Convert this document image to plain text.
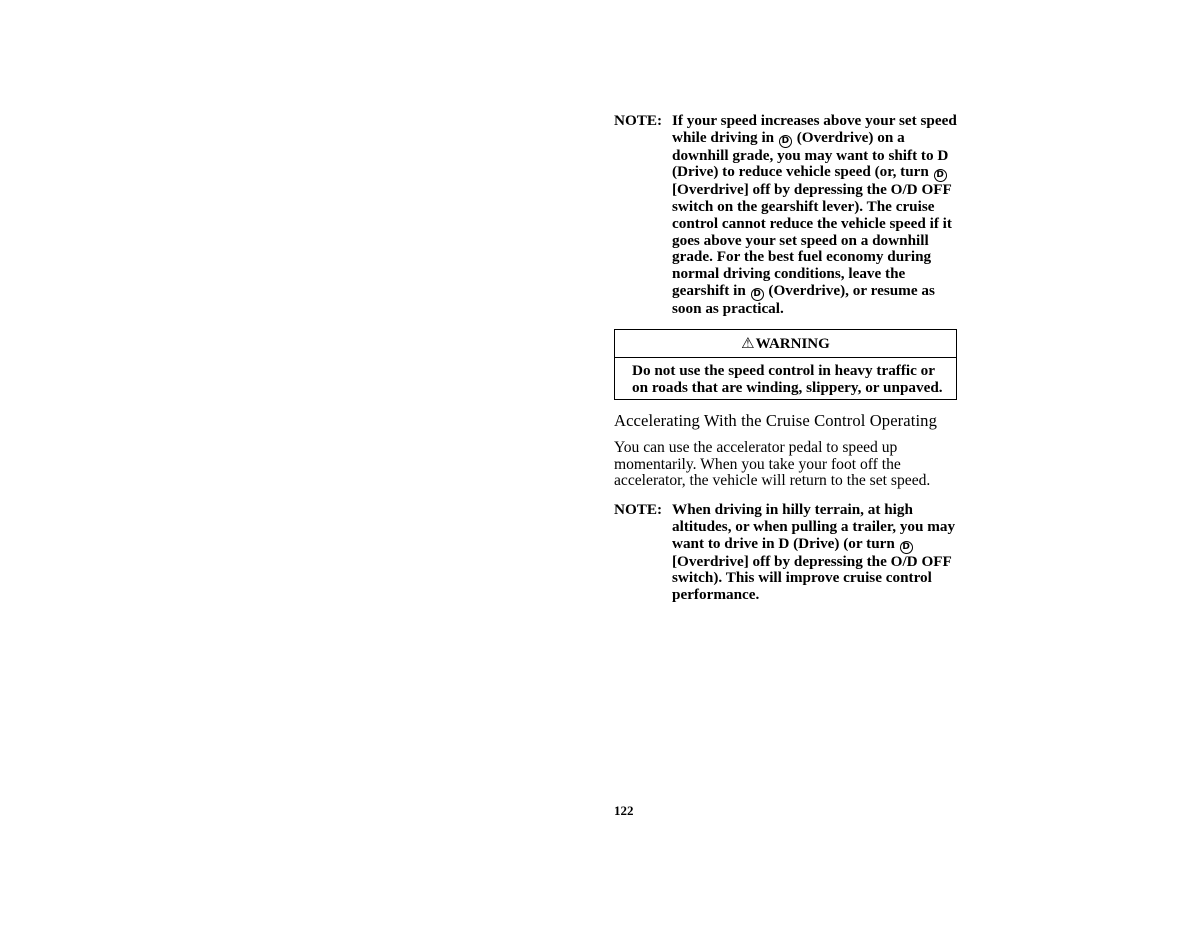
NOTE: If your speed increases above your set speed while driving in D (Overdrive) on a downhill grade, you may want to shift to D (Drive) to reduce vehicle speed (or, turn D [Overdrive] off by depressing the O/D OFF switch on the gearshift lever). The cruise control cannot reduce the vehicle speed if it goes above your set speed on a downhill grade. For the best fuel economy during normal driving conditions, leave the gearshift in D (Overdrive), or resume as soon as practical.
⚠WARNING
Do not use the speed control in heavy traffic or on roads that are winding, slippery, or unpaved.
Accelerating With the Cruise Control Operating
You can use the accelerator pedal to speed up momentarily. When you take your foot off the accelerator, the vehicle will return to the set speed.
NOTE: When driving in hilly terrain, at high altitudes, or when pulling a trailer, you may want to drive in D (Drive) (or turn D [Overdrive] off by depressing the O/D OFF switch). This will improve cruise control performance.
122
